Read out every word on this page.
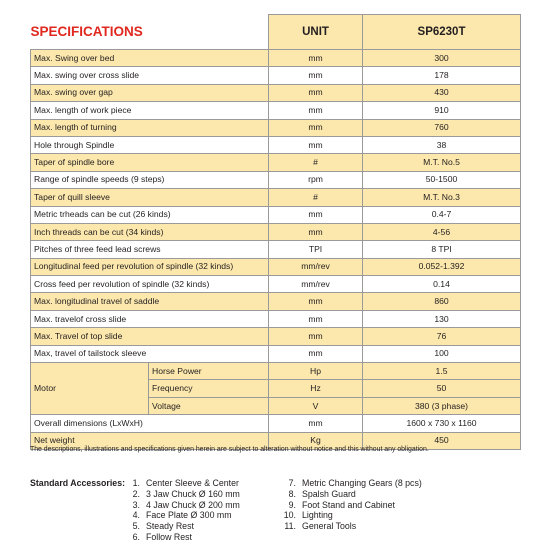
SPECIFICATIONS		UNIT	SP6230T
Max. Swing over bed		mm	300
Max. swing over cross slide		mm	178
Max. swing over gap		mm	430
Max. length of work piece		mm	910
Max. length of turning		mm	760
Hole through Spindle		mm	38
Taper of spindle bore		#	M.T. No.5
Range of spindle speeds (9 steps)		rpm	50-1500
Taper of quill sleeve		#	M.T. No.3
Metric trheads can be cut (26 kinds)		mm	0.4-7
Inch threads can be cut (34 kinds)		mm	4-56
Pitches of three feed lead screws		TPI	8 TPI
Longitudinal feed per revolution of spindle (32 kinds)		mm/rev	0.052-1.392
Cross feed per revolution of spindle (32 kinds)		mm/rev	0.14
Max. longitudinal travel of saddle		mm	860
Max. travelof cross slide		mm	130
Max. Travel of top slide		mm	76
Max, travel of tailstock sleeve		mm	100
Motor	Horse Power	Hp	1.5
	Frequency	Hz	50
	Voltage	V	380 (3 phase)
Overall dimensions (LxWxH)		mm	1600 x 730 x 1160
Net weight		Kg	450
The descriptions, illustrations and specifications given herein are subject to alteration without notice and this without any obligation.
Standard Accessories: 1. Center Sleeve & Center
2. 3 Jaw Chuck Ø 160 mm
3. 4 Jaw Chuck Ø 200 mm
4. Face Plate Ø 300 mm
5. Steady Rest
6. Follow Rest
7. Metric Changing Gears (8 pcs)
8. Spalsh Guard
9. Foot Stand and Cabinet
10. Lighting
11. General Tools
